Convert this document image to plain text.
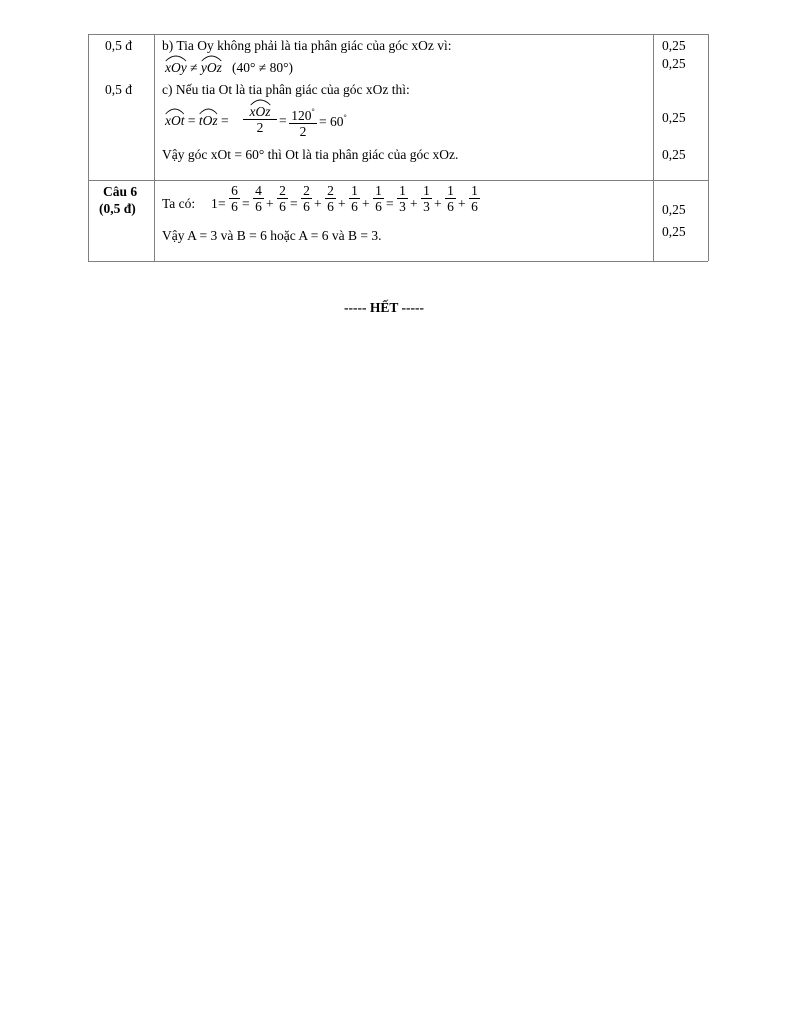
0,5 đ
0,5 đ
b) Tia Oy không phải là tia phân giác của góc xOz vì:
xOy ≠ yOz (40° ≠ 80°)
c) Nếu tia Ot là tia phân giác của góc xOz thì:
xOt = tOz =
xOz
2	= 120°
2
= 60°
Vậy góc xOt = 60° thì Ot là tia phân giác của góc xOz.
0,25
0,25
0,25
0,25
Câu 6
(0,5 đ) Ta có: 1 =
6
6 =
4
6 +
2
6 =
2
6 +
2
6 +
1
6 +
1
6 =
1
3 +
1
3 +
1
6 +
1
6
Vậy A = 3 và B = 6 hoặc A = 6 và B = 3.
0,25
0,25
----- HẾT -----
